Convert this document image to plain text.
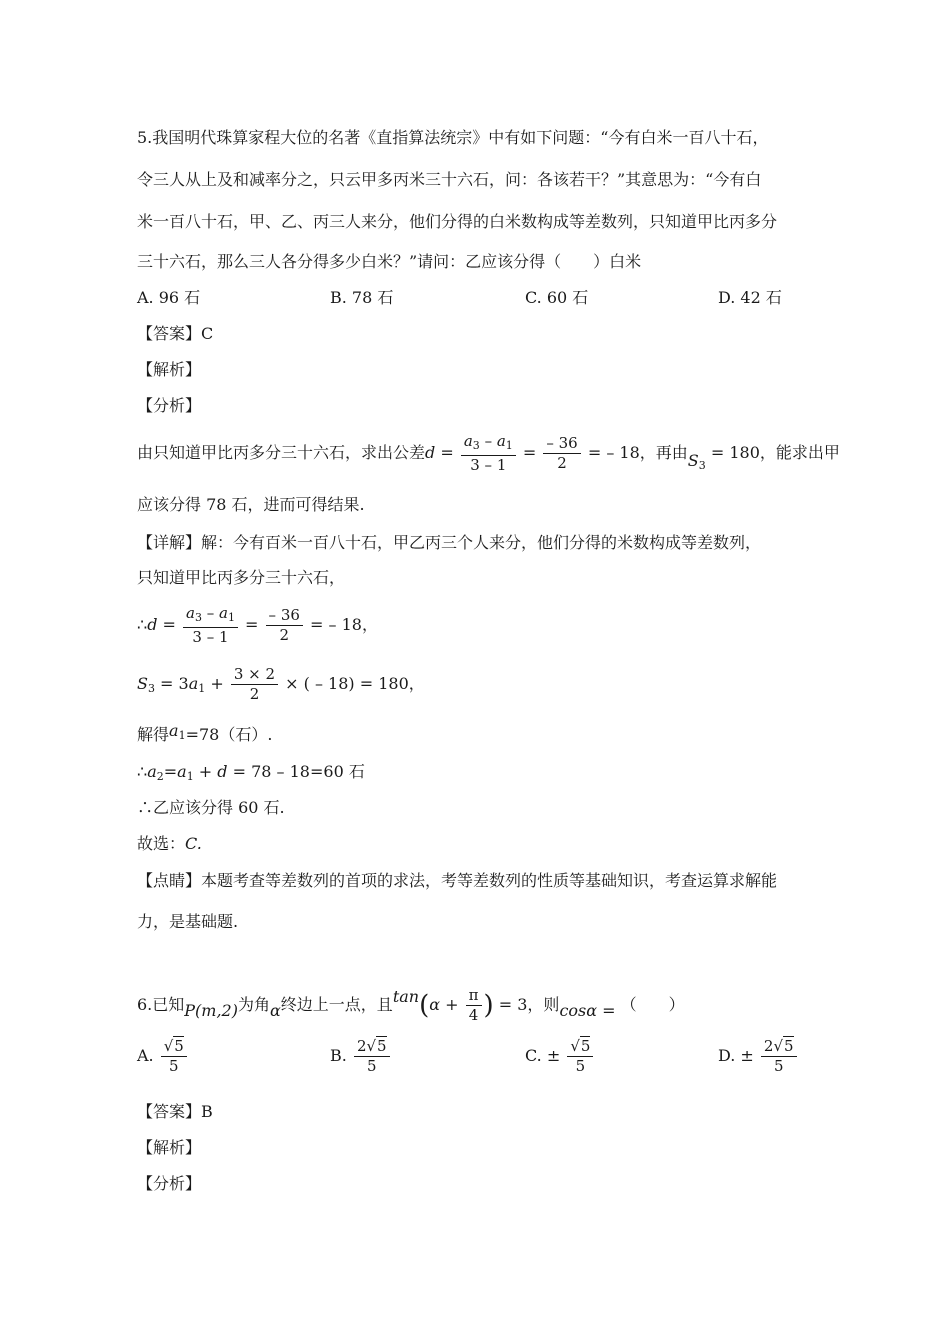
5.我国明代珠算家程大位的名著《直指算法统宗》中有如下问题：“今有白米一百八十石，
令三人从上及和减率分之，只云甲多丙米三十六石，问：各该若干？”其意思为：“今有白
米一百八十石，甲、乙、丙三人来分，他们分得的白米数构成等差数列，只知道甲比丙多分
三十六石，那么三人各分得多少白米？”请问：乙应该分得（　　）白米
A. 96 石	B. 78 石	C. 60 石	D. 42 石
【答案】C
【解析】
【分析】
由只知道甲比丙多分三十六石，求出公差$d = \frac{a_3 - a_1}{3 - 1} = \frac{- 36}{2}$ = – 18，再由$S_3 = 180$，能求出甲
应该分得 78 石，进而可得结果.
【详解】解：今有百米一百八十石，甲乙丙三个人来分，他们分得的米数构成等差数列，
只知道甲比丙多分三十六石，
∴d = $\frac{a_3 - a_1}{3 - 1} = \frac{- 36}{2}$ = – 18，
$S_3 = 3a_1 + \frac{3 \times 2}{2}$ × ( – 18) = 180，
解得$a_1=78$（石）.
$\therefore a_2=a_1 + d = 78 - 18=60$ 石
∴乙应该分得 60 石.
故选：C.
【点睛】本题考查等差数列的首项的求法，考等差数列的性质等基础知识，考查运算求解能
力，是基础题.
6.已知P(m,2)为角α终边上一点，且$\tan(\alpha + \frac{\pi}{4}$ ) = 3，则cosα = （　　）
A. $\frac{√5}{5}$	B. $\frac{2√5}{5}$	C. ± $\frac{√5}{5}$	D. ± $\frac{2√5}{5}$
【答案】B
【解析】
【分析】
